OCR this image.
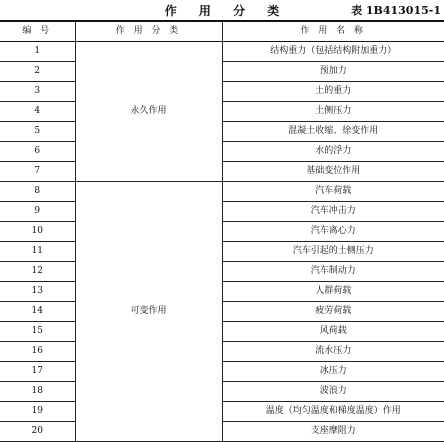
作 用 分 类	表 1B413015-1
编 号	作 用 分 类	作 用 名 称
1	永久作用	结构重力（包括结构附加重力）
2		预加力
3		土的重力
4		土侧压力
5		混凝土收缩、徐变作用
6		水的浮力
7		基础变位作用
8	可变作用	汽车荷载
9		汽车冲击力
10		汽车离心力
11		汽车引起的土侧压力
12		汽车制动力
13		人群荷载
14		疲劳荷载
15		风荷载
16		流水压力
17		冰压力
18		波浪力
19		温度（均匀温度和梯度温度）作用
20		支座摩阻力
